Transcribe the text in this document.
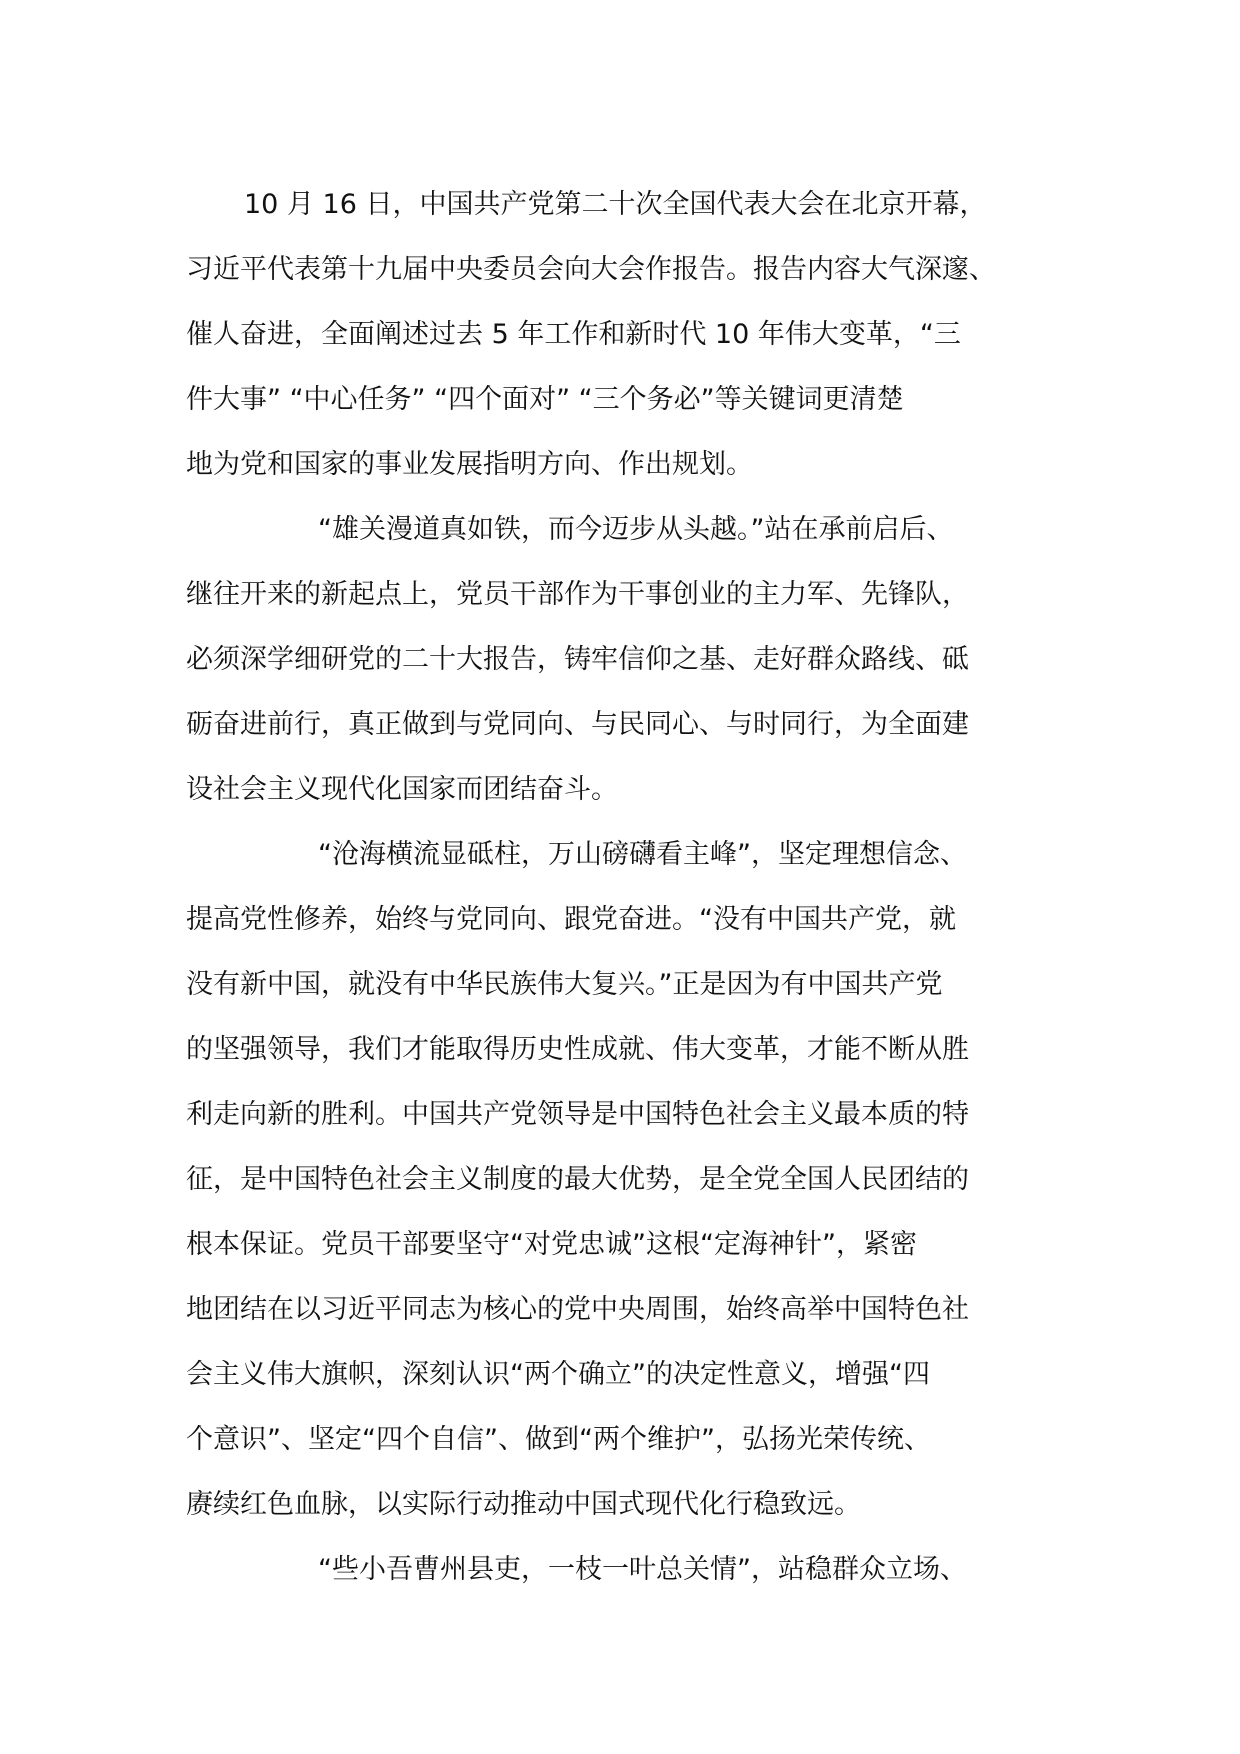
10 月 16 日，中国共产党第二十次全国代表大会在北京开幕，

习近平代表第十九届中央委员会向大会作报告。报告内容大气深邃、

催人奋进，全面阐述过去 5 年工作和新时代 10 年伟大变革，“三

件大事” “中心任务” “四个面对” “三个务必”等关键词更清楚

地为党和国家的事业发展指明方向、作出规划。

“雄关漫道真如铁，而今迈步从头越。”站在承前启后、

继往开来的新起点上，党员干部作为干事创业的主力军、先锋队，

必须深学细研党的二十大报告，铸牢信仰之基、走好群众路线、砥

砺奋进前行，真正做到与党同向、与民同心、与时同行，为全面建

设社会主义现代化国家而团结奋斗。

“沧海横流显砥柱，万山磅礴看主峰”，坚定理想信念、

提高党性修养，始终与党同向、跟党奋进。“没有中国共产党，就

没有新中国，就没有中华民族伟大复兴。”正是因为有中国共产党

的坚强领导，我们才能取得历史性成就、伟大变革，才能不断从胜

利走向新的胜利。中国共产党领导是中国特色社会主义最本质的特

征，是中国特色社会主义制度的最大优势，是全党全国人民团结的

根本保证。党员干部要坚守“对党忠诚”这根“定海神针”，紧密

地团结在以习近平同志为核心的党中央周围，始终高举中国特色社

会主义伟大旗帜，深刻认识“两个确立”的决定性意义，增强“四

个意识”、坚定“四个自信”、做到“两个维护”，弘扬光荣传统、

赓续红色血脉，以实际行动推动中国式现代化行稳致远。

“些小吾曹州县吏，一枝一叶总关情”，站稳群众立场、
